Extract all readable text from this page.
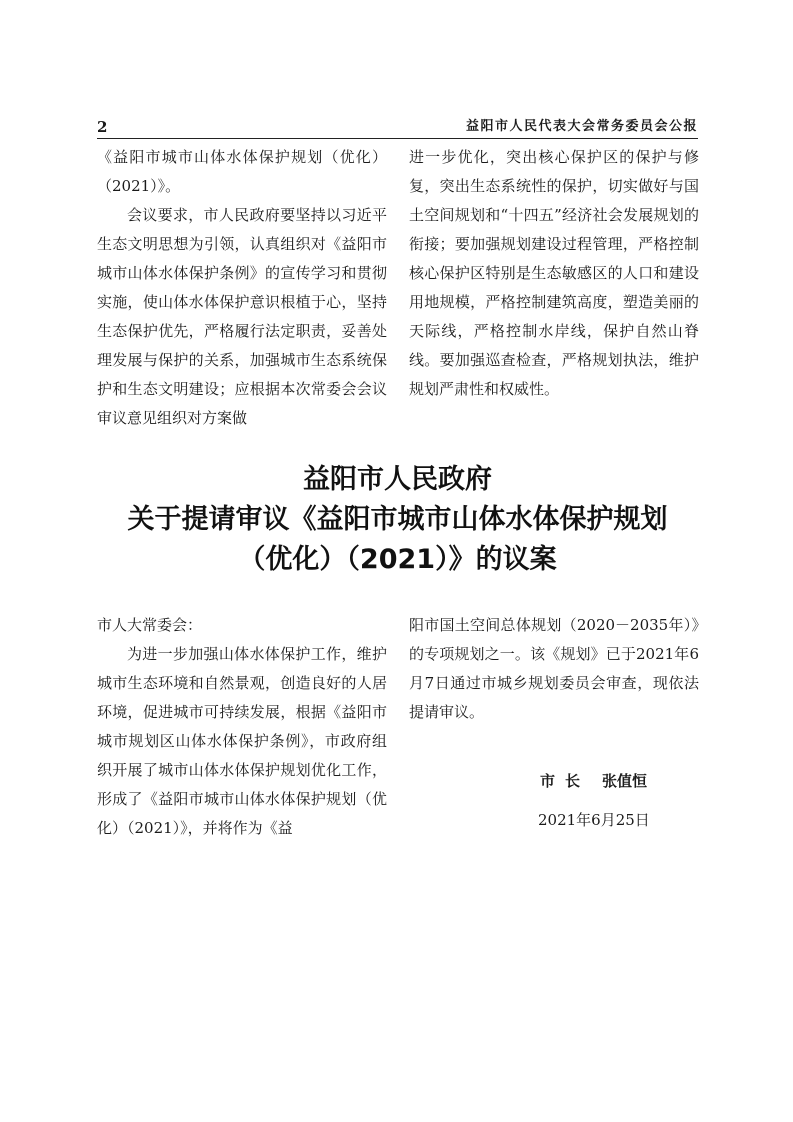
2	益阳市人民代表大会常务委员会公报

《益阳市城市山体水体保护规划（优化）（2021）》。

会议要求，市人民政府要坚持以习近平生态文明思想为引领，认真组织对《益阳市城市山体水体保护条例》的宣传学习和贯彻实施，使山体水体保护意识根植于心，坚持生态保护优先，严格履行法定职责，妥善处理发展与保护的关系，加强城市生态系统保护和生态文明建设；应根据本次常委会会议审议意见组织对方案做

进一步优化，突出核心保护区的保护与修复，突出生态系统性的保护，切实做好与国土空间规划和“十四五”经济社会发展规划的衔接；要加强规划建设过程管理，严格控制核心保护区特别是生态敏感区的人口和建设用地规模，严格控制建筑高度，塑造美丽的天际线，严格控制水岸线，保护自然山脊线。要加强巡查检查，严格规划执法，维护规划严肃性和权威性。

益阳市人民政府
关于提请审议《益阳市城市山体水体保护规划
（优化）（2021）》的议案

市人大常委会：

为进一步加强山体水体保护工作，维护城市生态环境和自然景观，创造良好的人居环境，促进城市可持续发展，根据《益阳市城市规划区山体水体保护条例》，市政府组织开展了城市山体水体保护规划优化工作，形成了《益阳市城市山体水体保护规划（优化）（2021）》，并将作为《益

阳市国土空间总体规划（2020－2035年）》的专项规划之一。该《规划》已于2021年6月7日通过市城乡规划委员会审查，现依法提请审议。

市长 张值恒
2021年6月25日
